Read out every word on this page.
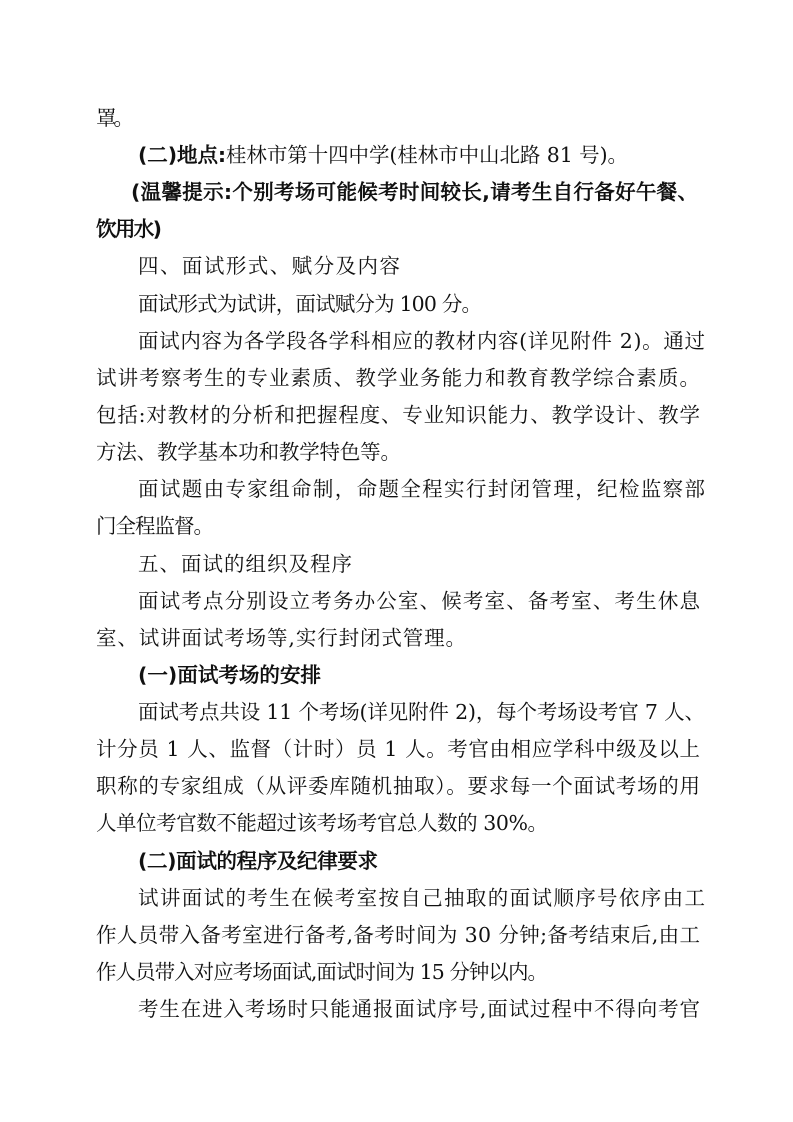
罩。
(二)地点:桂林市第十四中学(桂林市中山北路 81 号)。
(温馨提示:个别考场可能候考时间较长,请考生自行备好午餐、
饮用水)
四、面试形式、赋分及内容
面试形式为试讲，面试赋分为 100 分。
面试内容为各学段各学科相应的教材内容(详见附件 2)。通过
试讲考察考生的专业素质、教学业务能力和教育教学综合素质。
包括:对教材的分析和把握程度、专业知识能力、教学设计、教学
方法、教学基本功和教学特色等。
面试题由专家组命制，命题全程实行封闭管理，纪检监察部
门全程监督。
五、面试的组织及程序
面试考点分别设立考务办公室、候考室、备考室、考生休息
室、试讲面试考场等,实行封闭式管理。
(一)面试考场的安排
面试考点共设 11 个考场(详见附件 2)，每个考场设考官 7 人、
计分员 1 人、监督（计时）员 1 人。考官由相应学科中级及以上
职称的专家组成（从评委库随机抽取）。要求每一个面试考场的用
人单位考官数不能超过该考场考官总人数的 30%。
(二)面试的程序及纪律要求
试讲面试的考生在候考室按自己抽取的面试顺序号依序由工
作人员带入备考室进行备考,备考时间为 30 分钟;备考结束后,由工
作人员带入对应考场面试,面试时间为 15 分钟以内。
考生在进入考场时只能通报面试序号,面试过程中不得向考官
